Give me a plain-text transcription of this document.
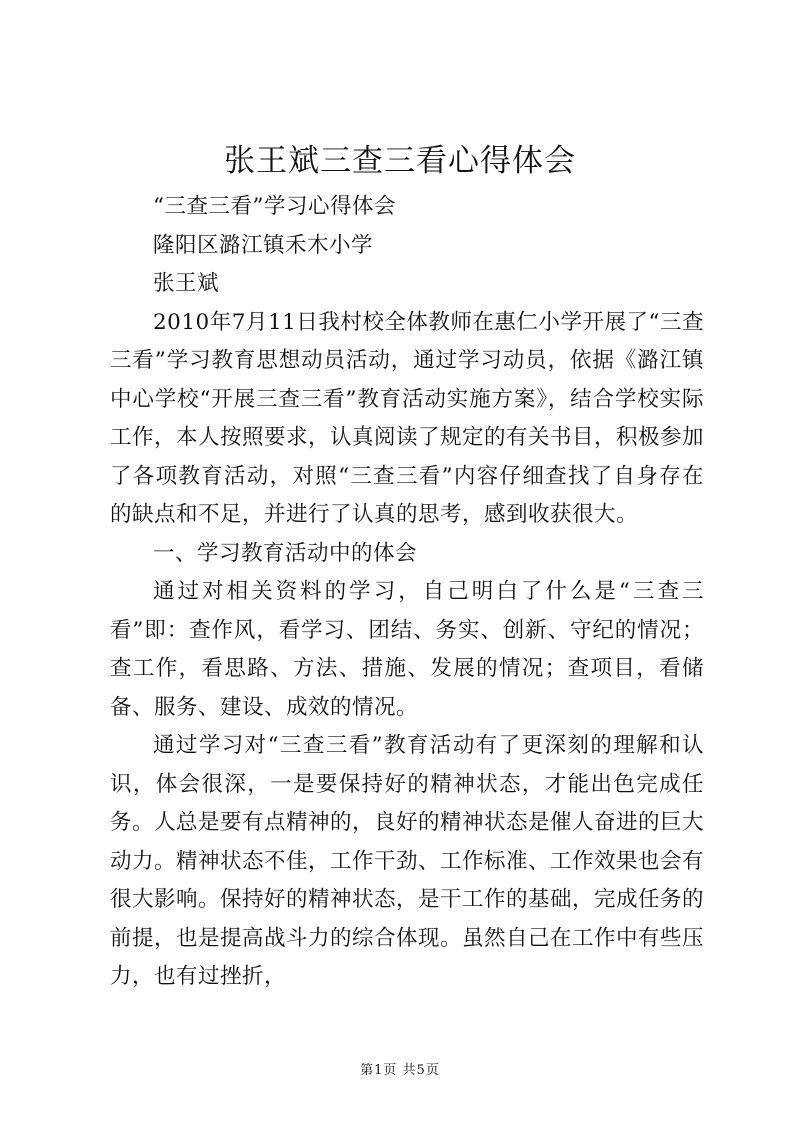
张王斌三查三看心得体会

“三查三看”学习心得体会

隆阳区潞江镇禾木小学

张王斌

2010年7月11日我村校全体教师在惠仁小学开展了“三查三看”学习教育思想动员活动，通过学习动员，依据《潞江镇中心学校“开展三查三看”教育活动实施方案》，结合学校实际工作，本人按照要求，认真阅读了规定的有关书目，积极参加了各项教育活动，对照“三查三看”内容仔细查找了自身存在的缺点和不足，并进行了认真的思考，感到收获很大。

一、学习教育活动中的体会

通过对相关资料的学习，自己明白了什么是“三查三看”即：查作风，看学习、团结、务实、创新、守纪的情况；查工作，看思路、方法、措施、发展的情况；查项目，看储备、服务、建设、成效的情况。

通过学习对“三查三看”教育活动有了更深刻的理解和认识，体会很深，一是要保持好的精神状态，才能出色完成任务。人总是要有点精神的，良好的精神状态是催人奋进的巨大动力。精神状态不佳，工作干劲、工作标准、工作效果也会有很大影响。保持好的精神状态，是干工作的基础，完成任务的前提，也是提高战斗力的综合体现。虽然自己在工作中有些压力，也有过挫折，

第1页 共5页
